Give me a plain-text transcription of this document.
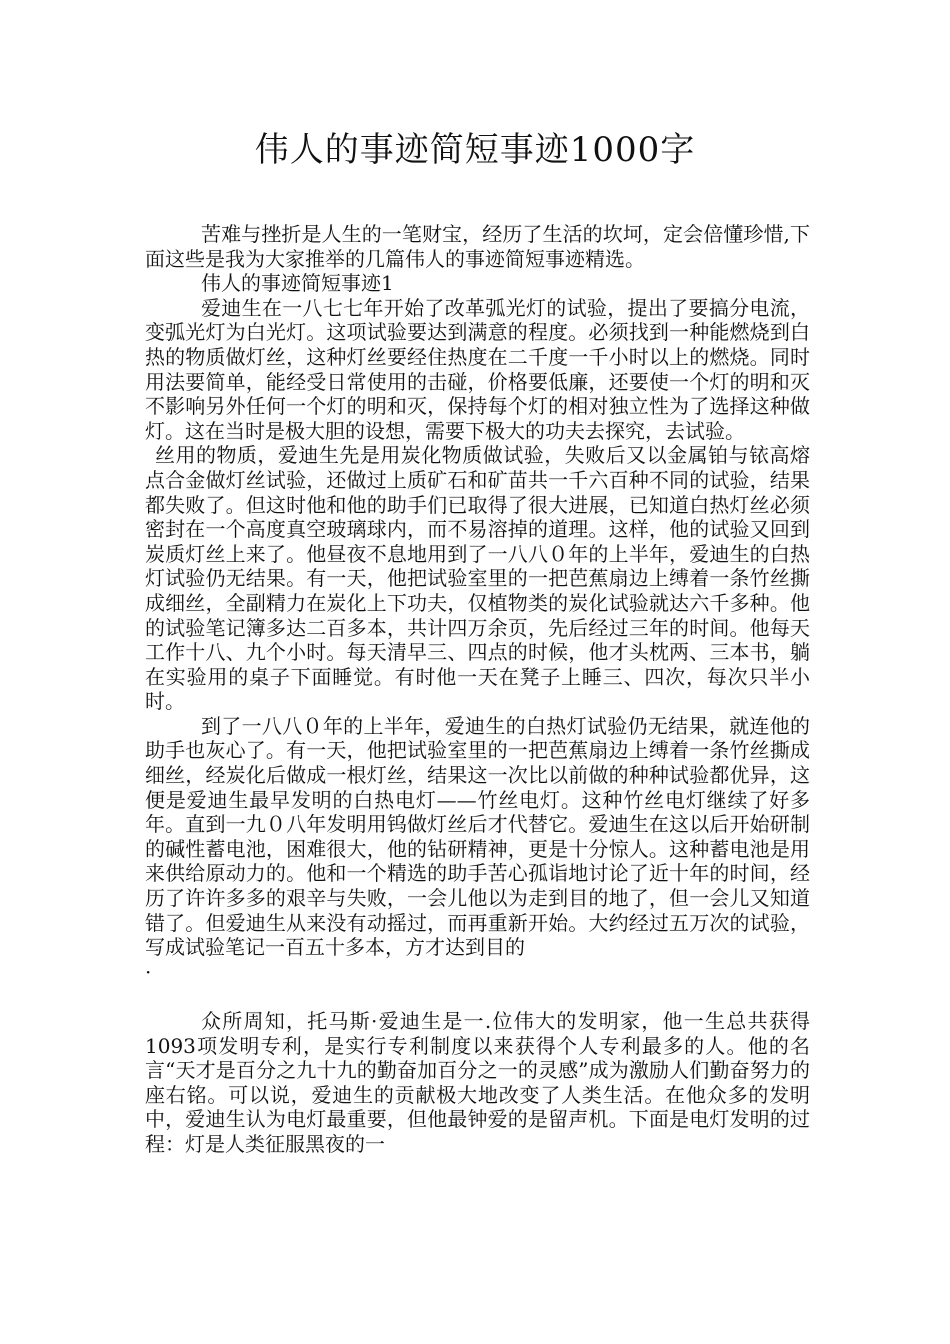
伟人的事迹简短事迹1000字

苦难与挫折是人生的一笔财宝，经历了生活的坎坷，定会倍懂珍惜,下面这些是我为大家推举的几篇伟人的事迹简短事迹精选。

伟人的事迹简短事迹1

爱迪生在一八七七年开始了改革弧光灯的试验，提出了要搞分电流，变弧光灯为白光灯。这项试验要达到满意的程度。必须找到一种能燃烧到白热的物质做灯丝，这种灯丝要经住热度在二千度一千小时以上的燃烧。同时用法要简单，能经受日常使用的击碰，价格要低廉，还要使一个灯的明和灭不影响另外任何一个灯的明和灭，保持每个灯的相对独立性为了选择这种做灯。这在当时是极大胆的设想，需要下极大的功夫去探究，去试验。

丝用的物质，爱迪生先是用炭化物质做试验，失败后又以金属铂与铱高熔点合金做灯丝试验，还做过上质矿石和矿苗共一千六百种不同的试验，结果都失败了。但这时他和他的助手们已取得了很大进展，已知道白热灯丝必须密封在一个高度真空玻璃球内，而不易溶掉的道理。这样，他的试验又回到炭质灯丝上来了。他昼夜不息地用到了一八八０年的上半年，爱迪生的白热灯试验仍无结果。有一天，他把试验室里的一把芭蕉扇边上缚着一条竹丝撕成细丝，全副精力在炭化上下功夫，仅植物类的炭化试验就达六千多种。他的试验笔记簿多达二百多本，共计四万余页，先后经过三年的时间。他每天工作十八、九个小时。每天清早三、四点的时候，他才头枕两、三本书，躺在实验用的桌子下面睡觉。有时他一天在凳子上睡三、四次，每次只半小时。

到了一八八０年的上半年，爱迪生的白热灯试验仍无结果，就连他的助手也灰心了。有一天，他把试验室里的一把芭蕉扇边上缚着一条竹丝撕成细丝，经炭化后做成一根灯丝，结果这一次比以前做的种种试验都优异，这便是爱迪生最早发明的白热电灯——竹丝电灯。这种竹丝电灯继续了好多年。直到一九０八年发明用钨做灯丝后才代替它。爱迪生在这以后开始研制的碱性蓄电池，困难很大，他的钻研精神，更是十分惊人。这种蓄电池是用来供给原动力的。他和一个精选的助手苦心孤诣地讨论了近十年的时间，经历了许许多多的艰辛与失败，一会儿他以为走到目的地了，但一会儿又知道错了。但爱迪生从来没有动摇过，而再重新开始。大约经过五万次的试验，写成试验笔记一百五十多本，方才达到目的

·

众所周知，托马斯·爱迪生是一.位伟大的发明家，他一生总共获得1093项发明专利，是实行专利制度以来获得个人专利最多的人。他的名言“天才是百分之九十九的勤奋加百分之一的灵感”成为激励人们勤奋努力的座右铭。可以说，爱迪生的贡献极大地改变了人类生活。在他众多的发明中，爱迪生认为电灯最重要，但他最钟爱的是留声机。下面是电灯发明的过程：灯是人类征服黑夜的一
